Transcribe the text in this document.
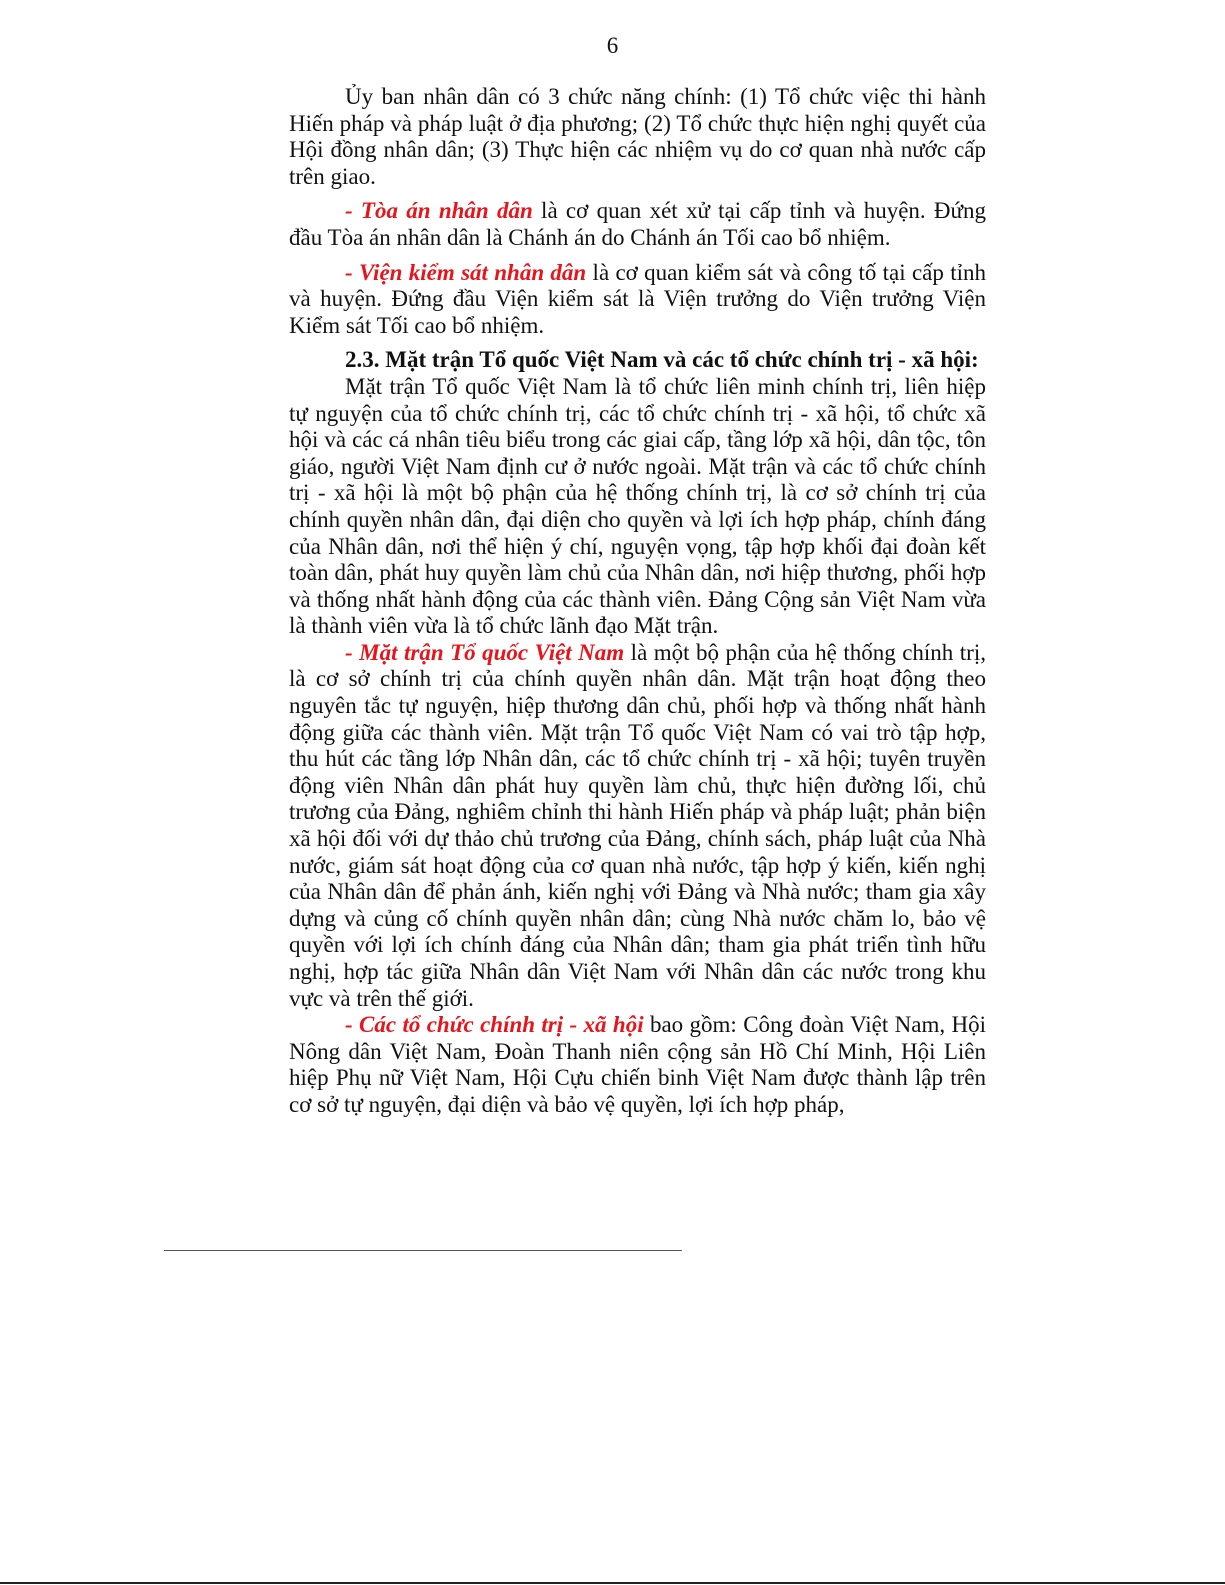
6

Ủy ban nhân dân có 3 chức năng chính: (1) Tổ chức việc thi hành Hiến pháp và pháp luật ở địa phương; (2) Tổ chức thực hiện nghị quyết của Hội đồng nhân dân; (3) Thực hiện các nhiệm vụ do cơ quan nhà nước cấp trên giao.

- Tòa án nhân dân là cơ quan xét xử tại cấp tỉnh và huyện. Đứng đầu Tòa án nhân dân là Chánh án do Chánh án Tối cao bổ nhiệm.

- Viện kiểm sát nhân dân là cơ quan kiểm sát và công tố tại cấp tỉnh và huyện. Đứng đầu Viện kiểm sát là Viện trưởng do Viện trưởng Viện Kiểm sát Tối cao bổ nhiệm.

2.3. Mặt trận Tổ quốc Việt Nam và các tổ chức chính trị - xã hội:

Mặt trận Tổ quốc Việt Nam là tổ chức liên minh chính trị, liên hiệp tự nguyện của tổ chức chính trị, các tổ chức chính trị - xã hội, tổ chức xã hội và các cá nhân tiêu biểu trong các giai cấp, tầng lớp xã hội, dân tộc, tôn giáo, người Việt Nam định cư ở nước ngoài. Mặt trận và các tổ chức chính trị - xã hội là một bộ phận của hệ thống chính trị, là cơ sở chính trị của chính quyền nhân dân, đại diện cho quyền và lợi ích hợp pháp, chính đáng của Nhân dân, nơi thể hiện ý chí, nguyện vọng, tập hợp khối đại đoàn kết toàn dân, phát huy quyền làm chủ của Nhân dân, nơi hiệp thương, phối hợp và thống nhất hành động của các thành viên. Đảng Cộng sản Việt Nam vừa là thành viên vừa là tổ chức lãnh đạo Mặt trận.

- Mặt trận Tổ quốc Việt Nam là một bộ phận của hệ thống chính trị, là cơ sở chính trị của chính quyền nhân dân. Mặt trận hoạt động theo nguyên tắc tự nguyện, hiệp thương dân chủ, phối hợp và thống nhất hành động giữa các thành viên. Mặt trận Tổ quốc Việt Nam có vai trò tập hợp, thu hút các tầng lớp Nhân dân, các tổ chức chính trị - xã hội; tuyên truyền động viên Nhân dân phát huy quyền làm chủ, thực hiện đường lối, chủ trương của Đảng, nghiêm chỉnh thi hành Hiến pháp và pháp luật; phản biện xã hội đối với dự thảo chủ trương của Đảng, chính sách, pháp luật của Nhà nước, giám sát hoạt động của cơ quan nhà nước, tập hợp ý kiến, kiến nghị của Nhân dân để phản ánh, kiến nghị với Đảng và Nhà nước; tham gia xây dựng và củng cố chính quyền nhân dân; cùng Nhà nước chăm lo, bảo vệ quyền với lợi ích chính đáng của Nhân dân; tham gia phát triển tình hữu nghị, hợp tác giữa Nhân dân Việt Nam với Nhân dân các nước trong khu vực và trên thế giới.

- Các tổ chức chính trị - xã hội bao gồm: Công đoàn Việt Nam, Hội Nông dân Việt Nam, Đoàn Thanh niên cộng sản Hồ Chí Minh, Hội Liên hiệp Phụ nữ Việt Nam, Hội Cựu chiến binh Việt Nam được thành lập trên cơ sở tự nguyện, đại diện và bảo vệ quyền, lợi ích hợp pháp,
